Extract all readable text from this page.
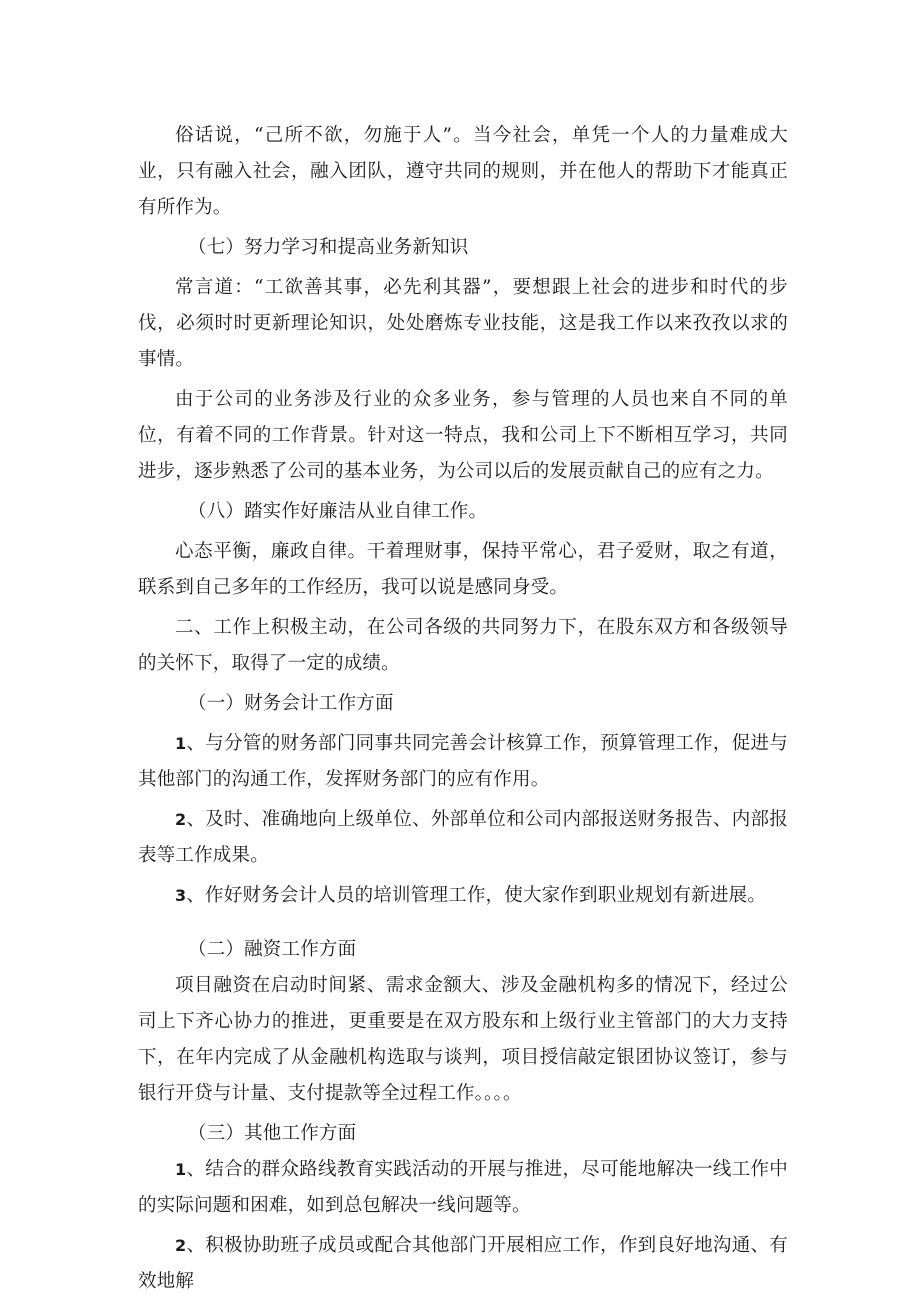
俗话说，“己所不欲，勿施于人”。当今社会，单凭一个人的力量难成大业，只有融入社会，融入团队，遵守共同的规则，并在他人的帮助下才能真正有所作为。

（七）努力学习和提高业务新知识

常言道：“工欲善其事，必先利其器”，要想跟上社会的进步和时代的步伐，必须时时更新理论知识，处处磨炼专业技能，这是我工作以来孜孜以求的事情。

由于公司的业务涉及行业的众多业务，参与管理的人员也来自不同的单位，有着不同的工作背景。针对这一特点，我和公司上下不断相互学习，共同进步，逐步熟悉了公司的基本业务，为公司以后的发展贡献自己的应有之力。

（八）踏实作好廉洁从业自律工作。

心态平衡，廉政自律。干着理财事，保持平常心，君子爱财，取之有道，联系到自己多年的工作经历，我可以说是感同身受。

二、工作上积极主动，在公司各级的共同努力下，在股东双方和各级领导的关怀下，取得了一定的成绩。

（一）财务会计工作方面

1、与分管的财务部门同事共同完善会计核算工作，预算管理工作，促进与其他部门的沟通工作，发挥财务部门的应有作用。

2、及时、准确地向上级单位、外部单位和公司内部报送财务报告、内部报表等工作成果。

3、作好财务会计人员的培训管理工作，使大家作到职业规划有新进展。

（二）融资工作方面

项目融资在启动时间紧、需求金额大、涉及金融机构多的情况下，经过公司上下齐心协力的推进，更重要是在双方股东和上级行业主管部门的大力支持下，在年内完成了从金融机构选取与谈判，项目授信敲定银团协议签订，参与银行开贷与计量、支付提款等全过程工作。。。。

（三）其他工作方面

1、结合的群众路线教育实践活动的开展与推进，尽可能地解决一线工作中的实际问题和困难，如到总包解决一线问题等。

2、积极协助班子成员或配合其他部门开展相应工作，作到良好地沟通、有效地解
